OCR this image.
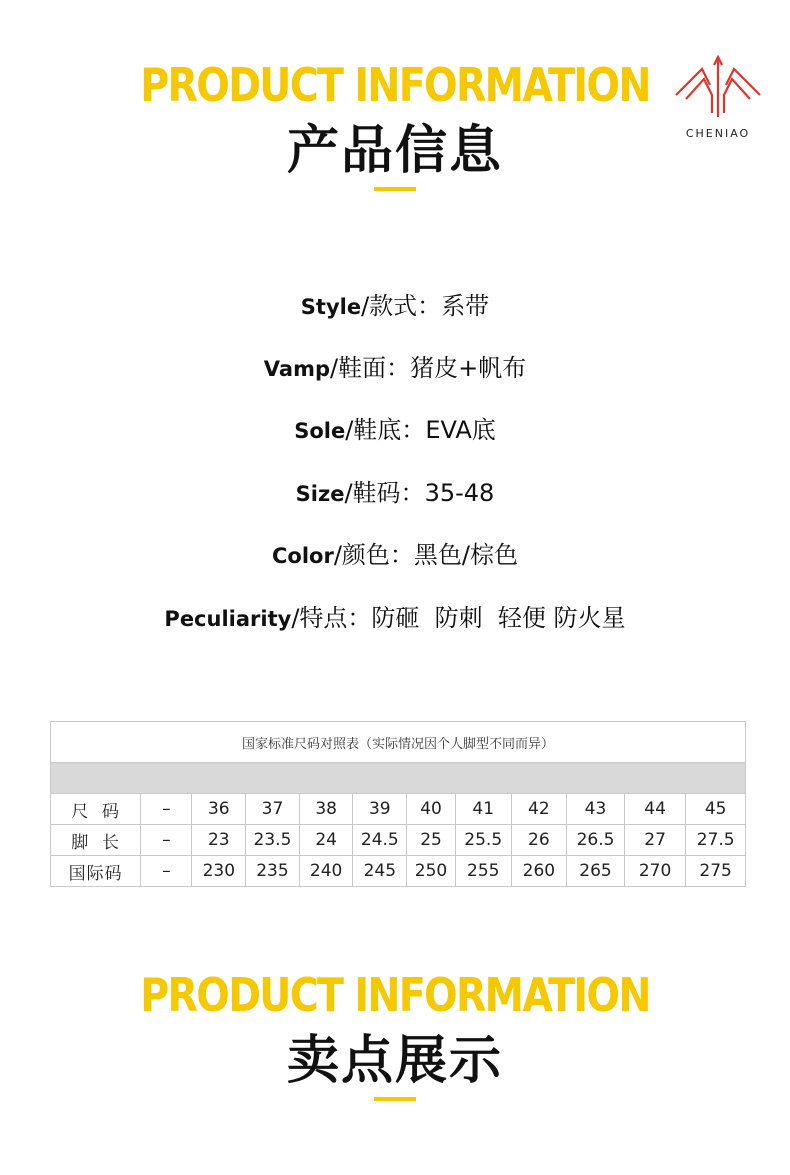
PRODUCT INFORMATION
产品信息	CHENIAO
Style/款式：系带
Vamp/鞋面：猪皮+帆布
Sole/鞋底：EVA底
Size/鞋码：35-48
Color/颜色：黑色/棕色
Peculiarity/特点：防砸  防刺  轻便 防火星
国家标准尺码对照表（实际情况因个人脚型不同而异）											

尺  码	–	36	37	38	39	40	41	42	43	44	45
脚  长	–	23	23.5	24	24.5	25	25.5	26	26.5	27	27.5
国际码	–	230	235	240	245	250	255	260	265	270	275
PRODUCT INFORMATION
卖点展示
